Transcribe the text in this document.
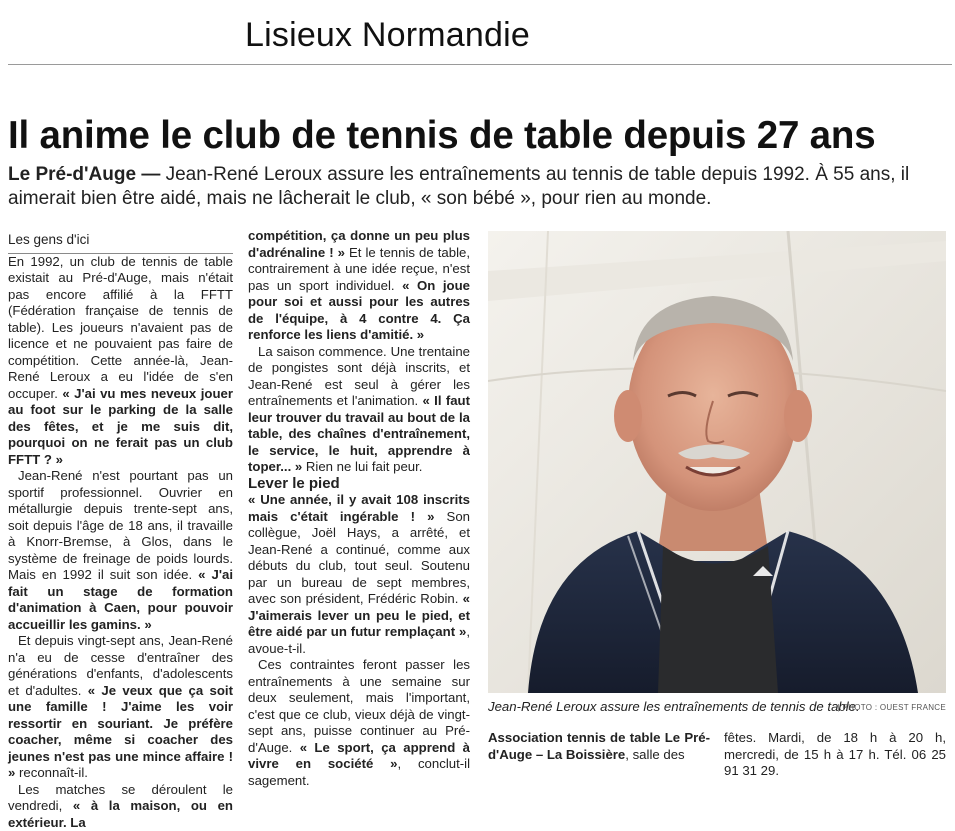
Lisieux Normandie
Il anime le club de tennis de table depuis 27 ans
Le Pré-d'Auge — Jean-René Leroux assure les entraînements au tennis de table depuis 1992. À 55 ans, il aimerait bien être aidé, mais ne lâcherait le club, « son bébé », pour rien au monde.

Les gens d'ici

En 1992, un club de tennis de table existait au Pré-d'Auge, mais n'était pas encore affilié à la FFTT (Fédération française de tennis de table). Les joueurs n'avaient pas de licence et ne pouvaient pas faire de compétition. Cette année-là, Jean-René Leroux a eu l'idée de s'en occuper. « J'ai vu mes neveux jouer au foot sur le parking de la salle des fêtes, et je me suis dit, pourquoi on ne ferait pas un club FFTT ? »

Jean-René n'est pourtant pas un sportif professionnel. Ouvrier en métallurgie depuis trente-sept ans, soit depuis l'âge de 18 ans, il travaille à Knorr-Bremse, à Glos, dans le système de freinage de poids lourds. Mais en 1992 il suit son idée. « J'ai fait un stage de formation d'animation à Caen, pour pouvoir accueillir les gamins. »

Et depuis vingt-sept ans, Jean-René n'a eu de cesse d'entraîner des générations d'enfants, d'adolescents et d'adultes. « Je veux que ça soit une famille ! J'aime les voir ressortir en souriant. Je préfère coacher, même si coacher des jeunes n'est pas une mince affaire ! » reconnaît-il.

Les matches se déroulent le vendredi, « à la maison, ou en extérieur. La

compétition, ça donne un peu plus d'adrénaline ! » Et le tennis de table, contrairement à une idée reçue, n'est pas un sport individuel. « On joue pour soi et aussi pour les autres de l'équipe, à 4 contre 4. Ça renforce les liens d'amitié. »

La saison commence. Une trentaine de pongistes sont déjà inscrits, et Jean-René est seul à gérer les entraînements et l'animation. « Il faut leur trouver du travail au bout de la table, des chaînes d'entraînement, le service, le huit, apprendre à toper... » Rien ne lui fait peur.

Lever le pied

« Une année, il y avait 108 inscrits mais c'était ingérable ! » Son collègue, Joël Hays, a arrêté, et Jean-René a continué, comme aux débuts du club, tout seul. Soutenu par un bureau de sept membres, avec son président, Frédéric Robin. « J'aimerais lever un peu le pied, et être aidé par un futur remplaçant », avoue-t-il.

Ces contraintes feront passer les entraînements à une semaine sur deux seulement, mais l'important, c'est que ce club, vieux déjà de vingt-sept ans, puisse continuer au Pré-d'Auge. « Le sport, ça apprend à vivre en société », conclut-il sagement.

Jean-René Leroux assure les entraînements de tennis de table.
| PHOTO : OUEST FRANCE
Association tennis de table Le Pré-d'Auge – La Boissière, salle des
fêtes. Mardi, de 18 h à 20 h, mercredi, de 15 h à 17 h. Tél. 06 25 91 31 29.
